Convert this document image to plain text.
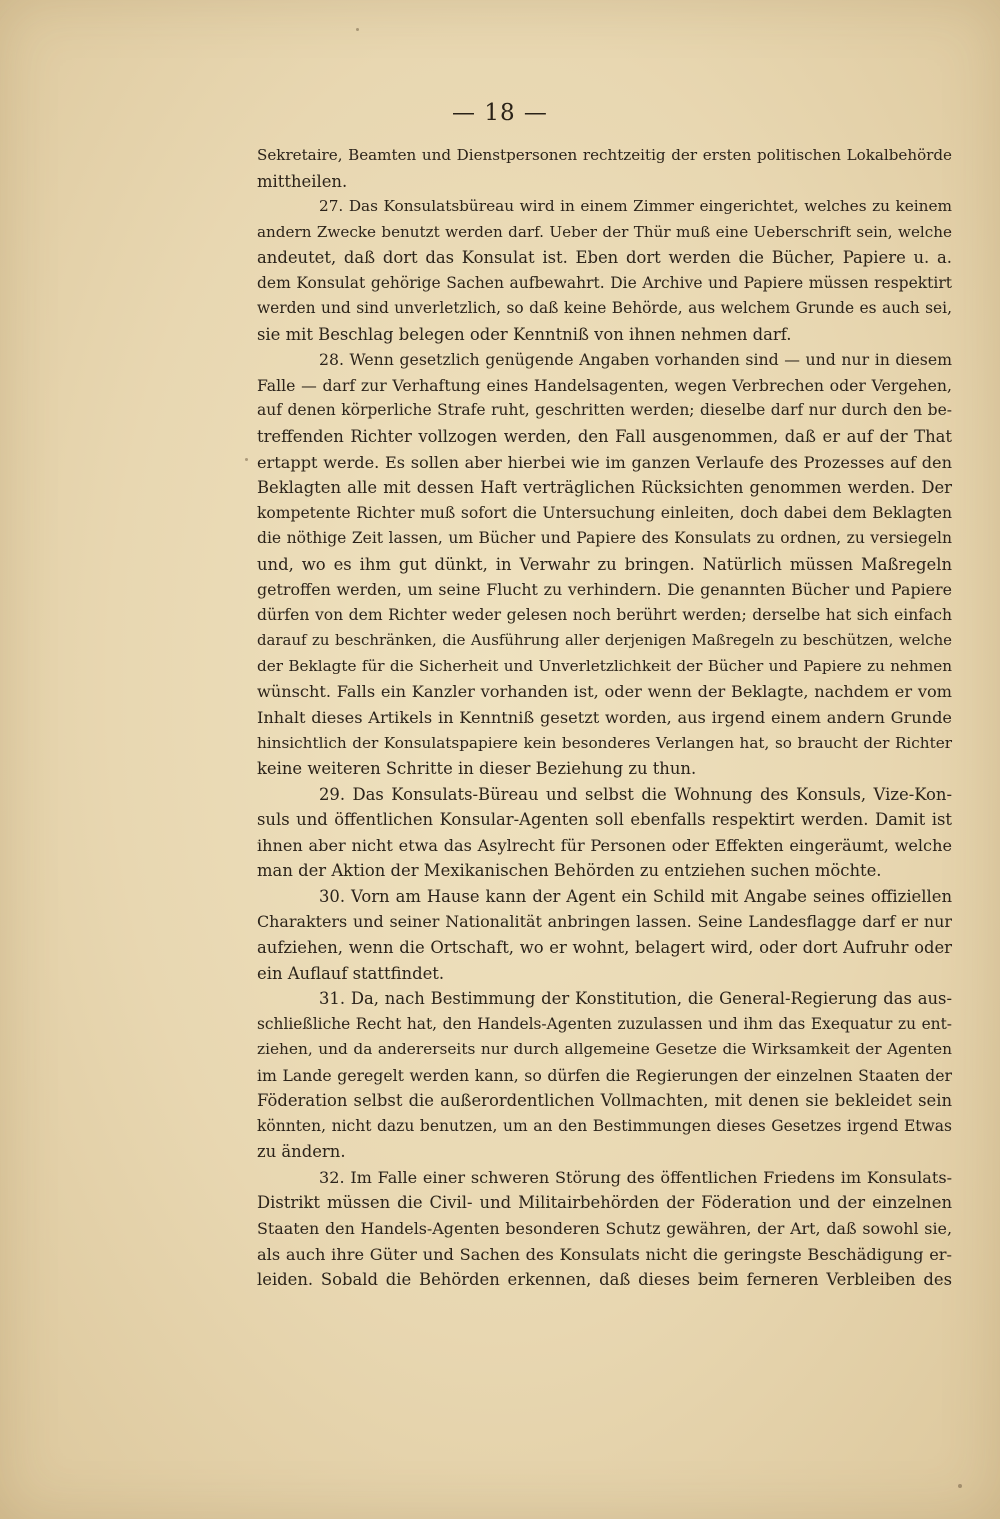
— 18 —
Sekretaire, Beamten und Dienstpersonen rechtzeitig der ersten politischen Lokalbehörde
mittheilen.
27. Das Konsulatsbüreau wird in einem Zimmer eingerichtet, welches zu keinem
andern Zwecke benutzt werden darf. Ueber der Thür muß eine Ueberschrift sein, welche
andeutet, daß dort das Konsulat ist. Eben dort werden die Bücher, Papiere u. a.
dem Konsulat gehörige Sachen aufbewahrt. Die Archive und Papiere müssen respektirt
werden und sind unverletzlich, so daß keine Behörde, aus welchem Grunde es auch sei,
sie mit Beschlag belegen oder Kenntniß von ihnen nehmen darf.
28. Wenn gesetzlich genügende Angaben vorhanden sind — und nur in diesem
Falle — darf zur Verhaftung eines Handelsagenten, wegen Verbrechen oder Vergehen,
auf denen körperliche Strafe ruht, geschritten werden; dieselbe darf nur durch den be-
treffenden Richter vollzogen werden, den Fall ausgenommen, daß er auf der That
ertappt werde. Es sollen aber hierbei wie im ganzen Verlaufe des Prozesses auf den
Beklagten alle mit dessen Haft verträglichen Rücksichten genommen werden. Der
kompetente Richter muß sofort die Untersuchung einleiten, doch dabei dem Beklagten
die nöthige Zeit lassen, um Bücher und Papiere des Konsulats zu ordnen, zu versiegeln
und, wo es ihm gut dünkt, in Verwahr zu bringen. Natürlich müssen Maßregeln
getroffen werden, um seine Flucht zu verhindern. Die genannten Bücher und Papiere
dürfen von dem Richter weder gelesen noch berührt werden; derselbe hat sich einfach
darauf zu beschränken, die Ausführung aller derjenigen Maßregeln zu beschützen, welche
der Beklagte für die Sicherheit und Unverletzlichkeit der Bücher und Papiere zu nehmen
wünscht. Falls ein Kanzler vorhanden ist, oder wenn der Beklagte, nachdem er vom
Inhalt dieses Artikels in Kenntniß gesetzt worden, aus irgend einem andern Grunde
hinsichtlich der Konsulatspapiere kein besonderes Verlangen hat, so braucht der Richter
keine weiteren Schritte in dieser Beziehung zu thun.
29. Das Konsulats-Büreau und selbst die Wohnung des Konsuls, Vize-Kon-
suls und öffentlichen Konsular-Agenten soll ebenfalls respektirt werden. Damit ist
ihnen aber nicht etwa das Asylrecht für Personen oder Effekten eingeräumt, welche
man der Aktion der Mexikanischen Behörden zu entziehen suchen möchte.
30. Vorn am Hause kann der Agent ein Schild mit Angabe seines offiziellen
Charakters und seiner Nationalität anbringen lassen. Seine Landesflagge darf er nur
aufziehen, wenn die Ortschaft, wo er wohnt, belagert wird, oder dort Aufruhr oder
ein Auflauf stattfindet.
31. Da, nach Bestimmung der Konstitution, die General-Regierung das aus-
schließliche Recht hat, den Handels-Agenten zuzulassen und ihm das Exequatur zu ent-
ziehen, und da andererseits nur durch allgemeine Gesetze die Wirksamkeit der Agenten
im Lande geregelt werden kann, so dürfen die Regierungen der einzelnen Staaten der
Föderation selbst die außerordentlichen Vollmachten, mit denen sie bekleidet sein
könnten, nicht dazu benutzen, um an den Bestimmungen dieses Gesetzes irgend Etwas
zu ändern.
32. Im Falle einer schweren Störung des öffentlichen Friedens im Konsulats-
Distrikt müssen die Civil- und Militairbehörden der Föderation und der einzelnen
Staaten den Handels-Agenten besonderen Schutz gewähren, der Art, daß sowohl sie,
als auch ihre Güter und Sachen des Konsulats nicht die geringste Beschädigung er-
leiden. Sobald die Behörden erkennen, daß dieses beim ferneren Verbleiben des
